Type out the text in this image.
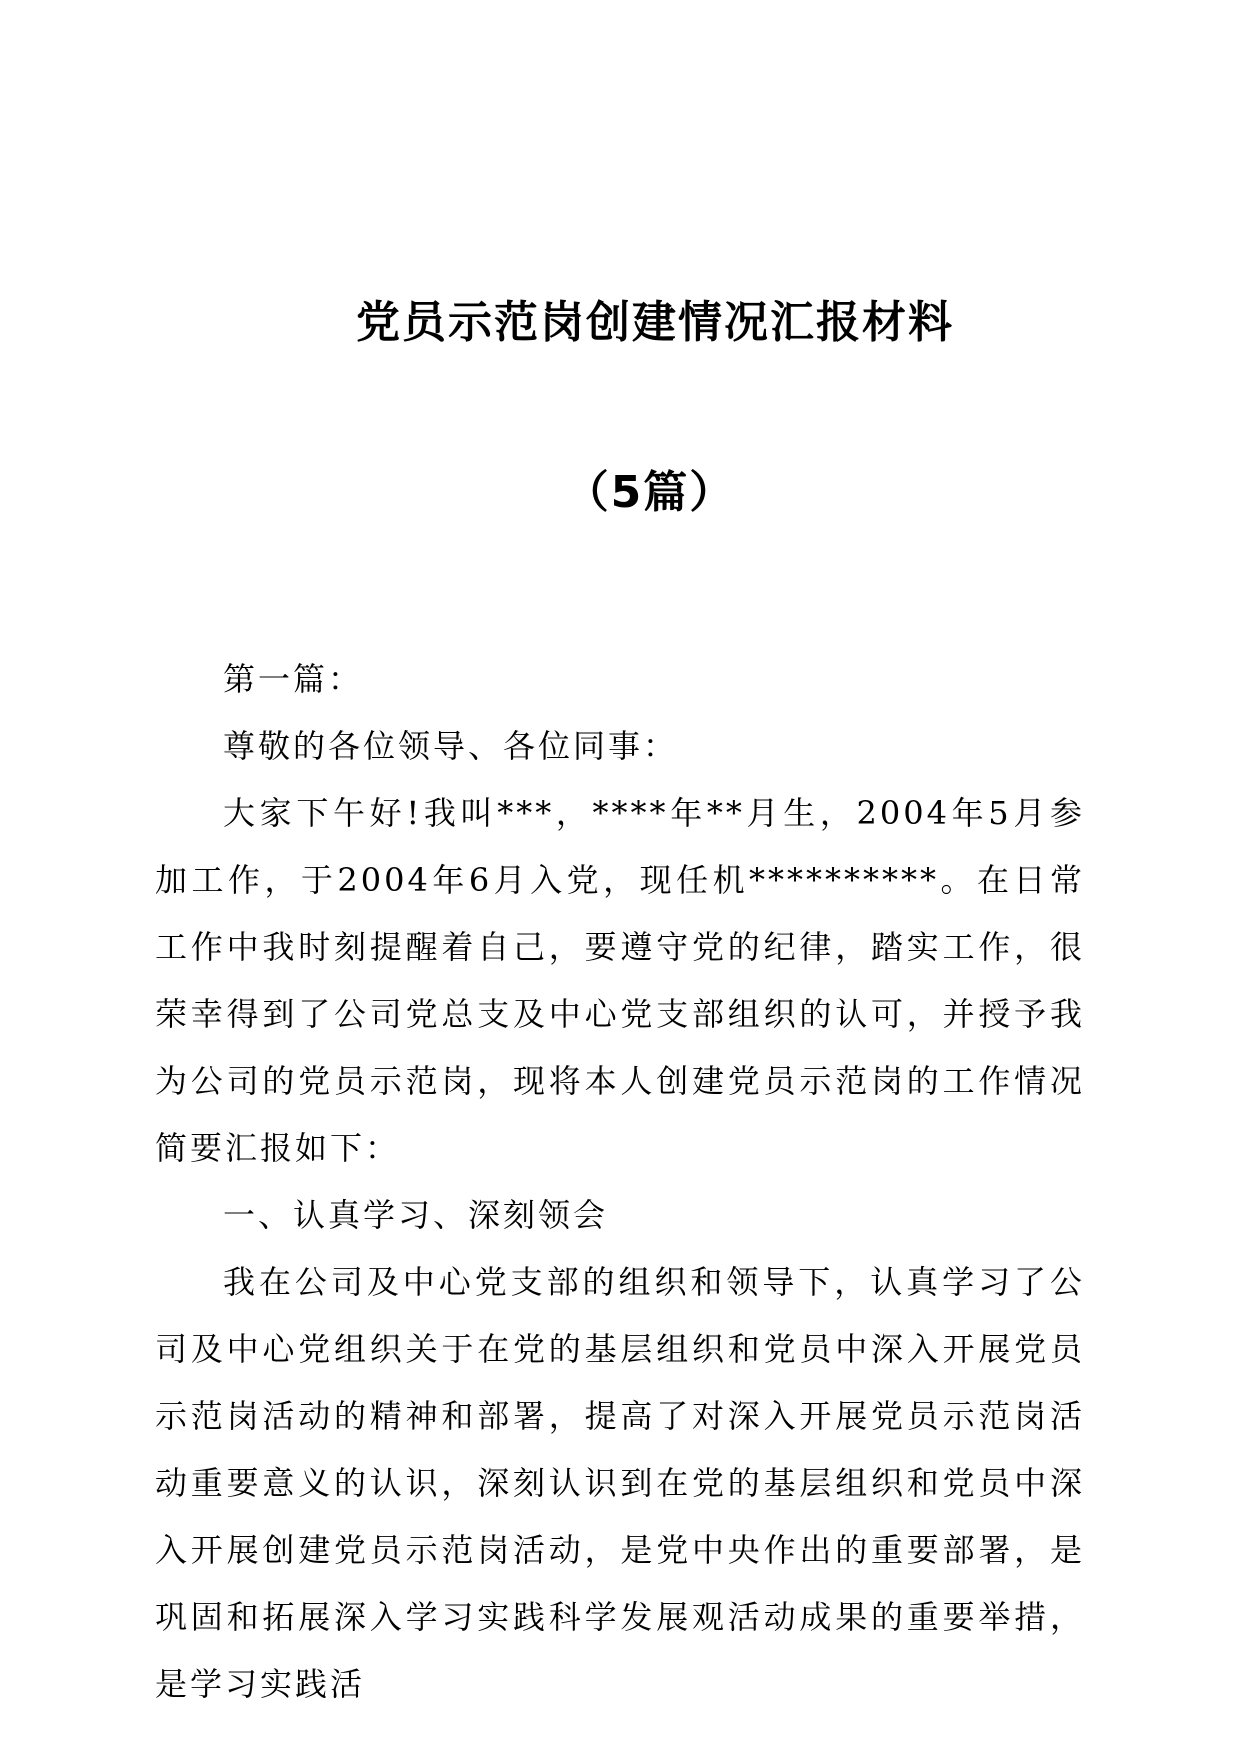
党员示范岗创建情况汇报材料
（5篇）

第一篇：

尊敬的各位领导、各位同事：

大家下午好!我叫***，****年**月生，2004年5月参加工作，于2004年6月入党，现任机**********。在日常工作中我时刻提醒着自己，要遵守党的纪律，踏实工作，很荣幸得到了公司党总支及中心党支部组织的认可，并授予我为公司的党员示范岗，现将本人创建党员示范岗的工作情况简要汇报如下：

一、认真学习、深刻领会

我在公司及中心党支部的组织和领导下，认真学习了公司及中心党组织关于在党的基层组织和党员中深入开展党员示范岗活动的精神和部署，提高了对深入开展党员示范岗活动重要意义的认识，深刻认识到在党的基层组织和党员中深入开展创建党员示范岗活动，是党中央作出的重要部署，是巩固和拓展深入学习实践科学发展观活动成果的重要举措，是学习实践活
